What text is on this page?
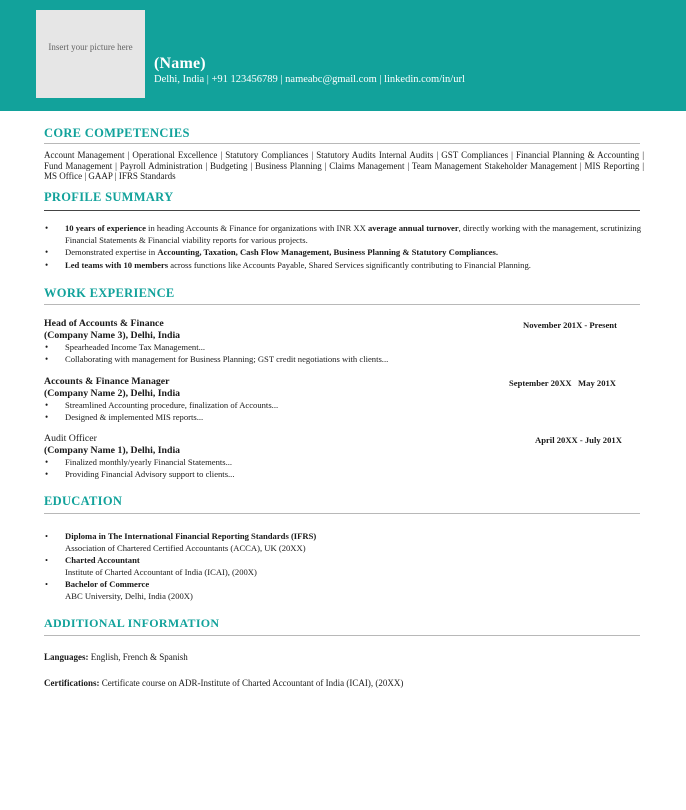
Insert your picture here
(Name)
Delhi, India | +91 123456789 | nameabc@gmail.com | linkedin.com/in/url
CORE COMPETENCIES
Account Management | Operational Excellence | Statutory Compliances | Statutory Audits Internal Audits | GST Compliances | Financial Planning & Accounting | Fund Management | Payroll Administration | Budgeting | Business Planning | Claims Management | Team Management Stakeholder Management | MIS Reporting | MS Office | GAAP | IFRS Standards
PROFILE SUMMARY
• 10 years of experience in heading Accounts & Finance for organizations with INR XX average annual turnover, directly working with the management, scrutinizing Financial Statements & Financial viability reports for various projects.
• Demonstrated expertise in Accounting, Taxation, Cash Flow Management, Business Planning & Statutory Compliances.
• Led teams with 10 members across functions like Accounts Payable, Shared Services significantly contributing to Financial Planning.
WORK EXPERIENCE
Head of Accounts & Finance	November 201X - Present
(Company Name 3), Delhi, India
• Spearheaded Income Tax Management...
• Collaborating with management for Business Planning; GST credit negotiations with clients...
Accounts & Finance Manager	September 20XX   May 201X
(Company Name 2), Delhi, India
• Streamlined Accounting procedure, finalization of Accounts...
• Designed & implemented MIS reports...
Audit Officer	April 20XX - July 201X
(Company Name 1), Delhi, India
• Finalized monthly/yearly Financial Statements...
• Providing Financial Advisory support to clients...
EDUCATION
• Diploma in The International Financial Reporting Standards (IFRS)
Association of Chartered Certified Accountants (ACCA), UK (20XX)
• Charted Accountant
Institute of Charted Accountant of India (ICAI), (200X)
• Bachelor of Commerce
ABC University, Delhi, India (200X)
ADDITIONAL INFORMATION
Languages: English, French & Spanish
Certifications: Certificate course on ADR-Institute of Charted Accountant of India (ICAI), (20XX)
